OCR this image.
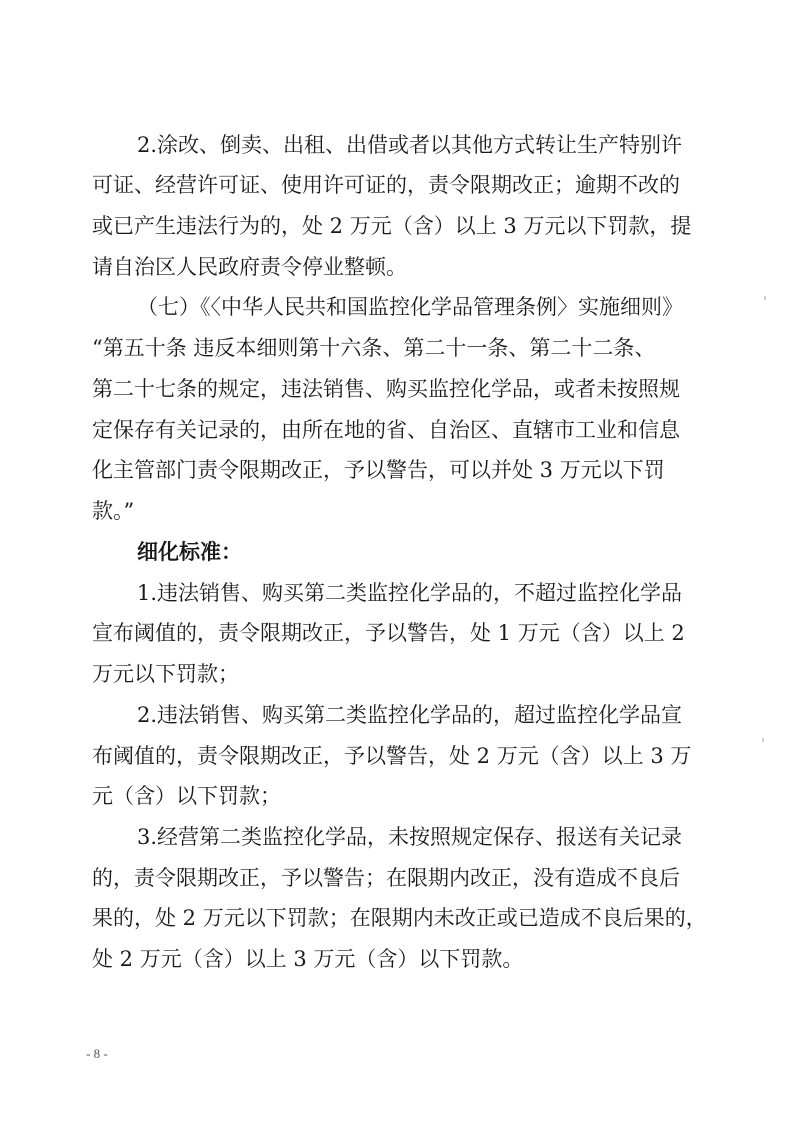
2.涂改、倒卖、出租、出借或者以其他方式转让生产特别许
可证、经营许可证、使用许可证的，责令限期改正；逾期不改的
或已产生违法行为的，处 2 万元（含）以上 3 万元以下罚款，提
请自治区人民政府责令停业整顿。
（七）《〈中华人民共和国监控化学品管理条例〉实施细则》
“第五十条 违反本细则第十六条、第二十一条、第二十二条、
第二十七条的规定，违法销售、购买监控化学品，或者未按照规
定保存有关记录的，由所在地的省、自治区、直辖市工业和信息
化主管部门责令限期改正，予以警告，可以并处 3 万元以下罚
款。”
细化标准：
1.违法销售、购买第二类监控化学品的，不超过监控化学品
宣布阈值的，责令限期改正，予以警告，处 1 万元（含）以上 2
万元以下罚款；
2.违法销售、购买第二类监控化学品的，超过监控化学品宣
布阈值的，责令限期改正，予以警告，处 2 万元（含）以上 3 万
元（含）以下罚款；
3.经营第二类监控化学品，未按照规定保存、报送有关记录
的，责令限期改正，予以警告；在限期内改正，没有造成不良后
果的，处 2 万元以下罚款；在限期内未改正或已造成不良后果的，
处 2 万元（含）以上 3 万元（含）以下罚款。
- 8 -
